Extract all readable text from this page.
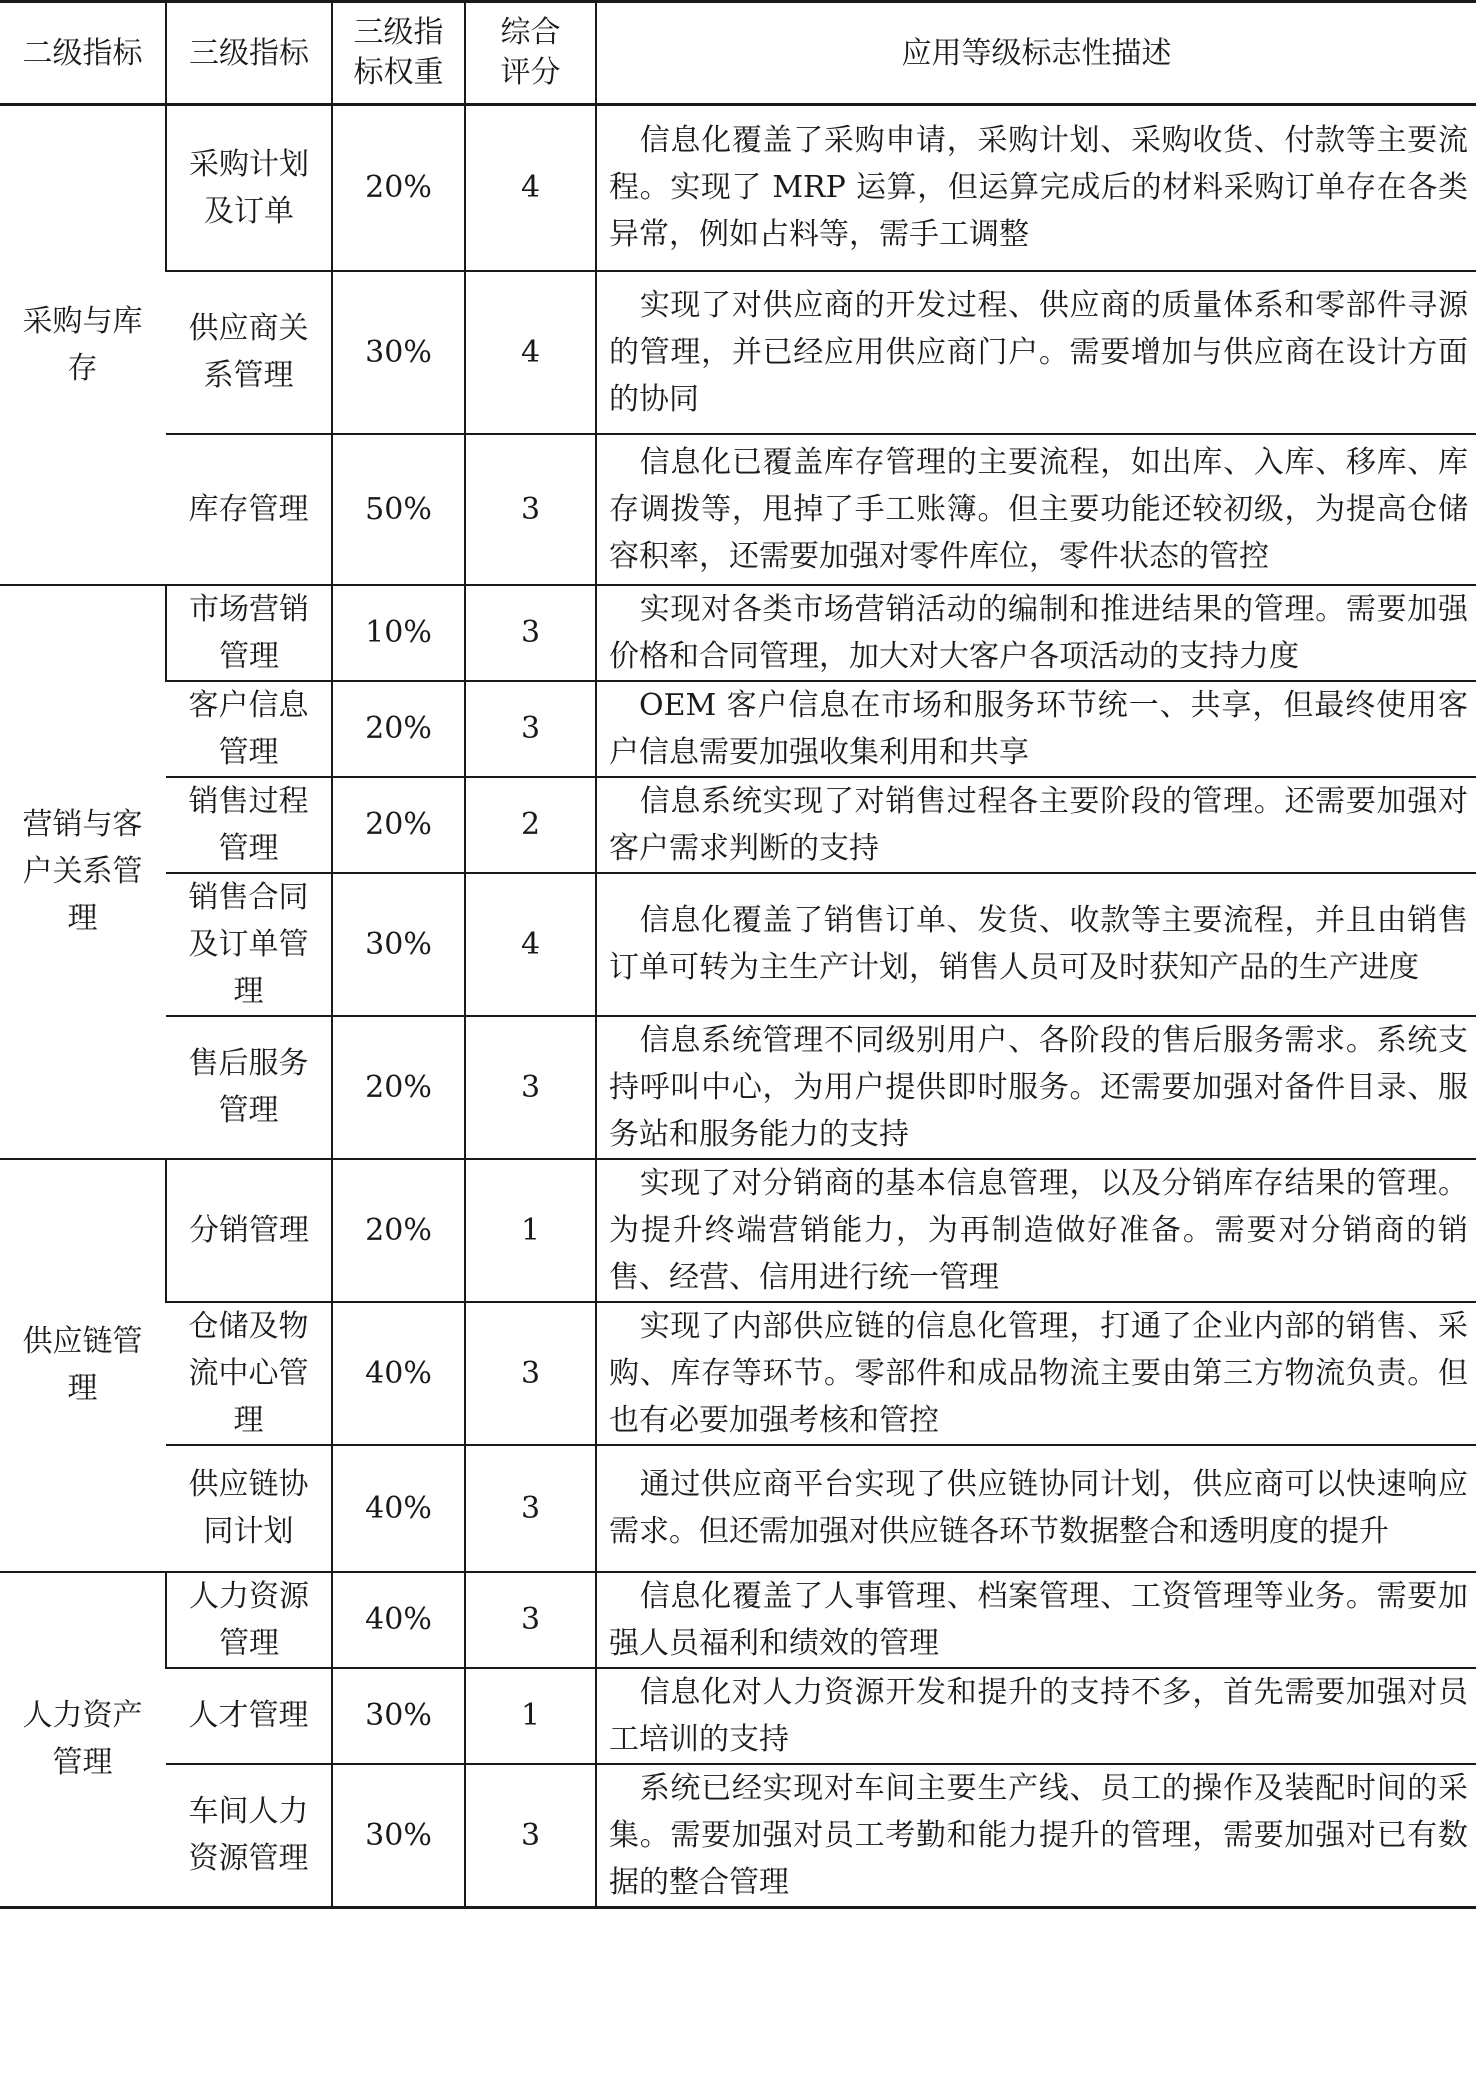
二级指标	三级指标	三级指标权重	综合评分	应用等级标志性描述

采购与库存	采购计划及订单	20%	4	信息化覆盖了采购申请，采购计划、采购收货、付款等主要流程。实现了 MRP 运算，但运算完成后的材料采购订单存在各类异常，例如占料等，需手工调整

	供应商关系管理	30%	4	实现了对供应商的开发过程、供应商的质量体系和零部件寻源的管理，并已经应用供应商门户。需要增加与供应商在设计方面的协同

	库存管理	50%	3	信息化已覆盖库存管理的主要流程，如出库、入库、移库、库存调拨等，甩掉了手工账簿。但主要功能还较初级，为提高仓储容积率，还需要加强对零件库位，零件状态的管控

营销与客户关系管理	市场营销管理	10%	3	实现对各类市场营销活动的编制和推进结果的管理。需要加强价格和合同管理，加大对大客户各项活动的支持力度

	客户信息管理	20%	3	OEM 客户信息在市场和服务环节统一、共享，但最终使用客户信息需要加强收集利用和共享

	销售过程管理	20%	2	信息系统实现了对销售过程各主要阶段的管理。还需要加强对客户需求判断的支持

	销售合同及订单管理	30%	4	信息化覆盖了销售订单、发货、收款等主要流程，并且由销售订单可转为主生产计划，销售人员可及时获知产品的生产进度

	售后服务管理	20%	3	信息系统管理不同级别用户、各阶段的售后服务需求。系统支持呼叫中心，为用户提供即时服务。还需要加强对备件目录、服务站和服务能力的支持

供应链管理	分销管理	20%	1	实现了对分销商的基本信息管理，以及分销库存结果的管理。为提升终端营销能力，为再制造做好准备。需要对分销商的销售、经营、信用进行统一管理

	仓储及物流中心管理	40%	3	实现了内部供应链的信息化管理，打通了企业内部的销售、采购、库存等环节。零部件和成品物流主要由第三方物流负责。但也有必要加强考核和管控

	供应链协同计划	40%	3	通过供应商平台实现了供应链协同计划，供应商可以快速响应需求。但还需加强对供应链各环节数据整合和透明度的提升

人力资产管理	人力资源管理	40%	3	信息化覆盖了人事管理、档案管理、工资管理等业务。需要加强人员福利和绩效的管理

	人才管理	30%	1	信息化对人力资源开发和提升的支持不多，首先需要加强对员工培训的支持

	车间人力资源管理	30%	3	系统已经实现对车间主要生产线、员工的操作及装配时间的采集。需要加强对员工考勤和能力提升的管理，需要加强对已有数据的整合管理
